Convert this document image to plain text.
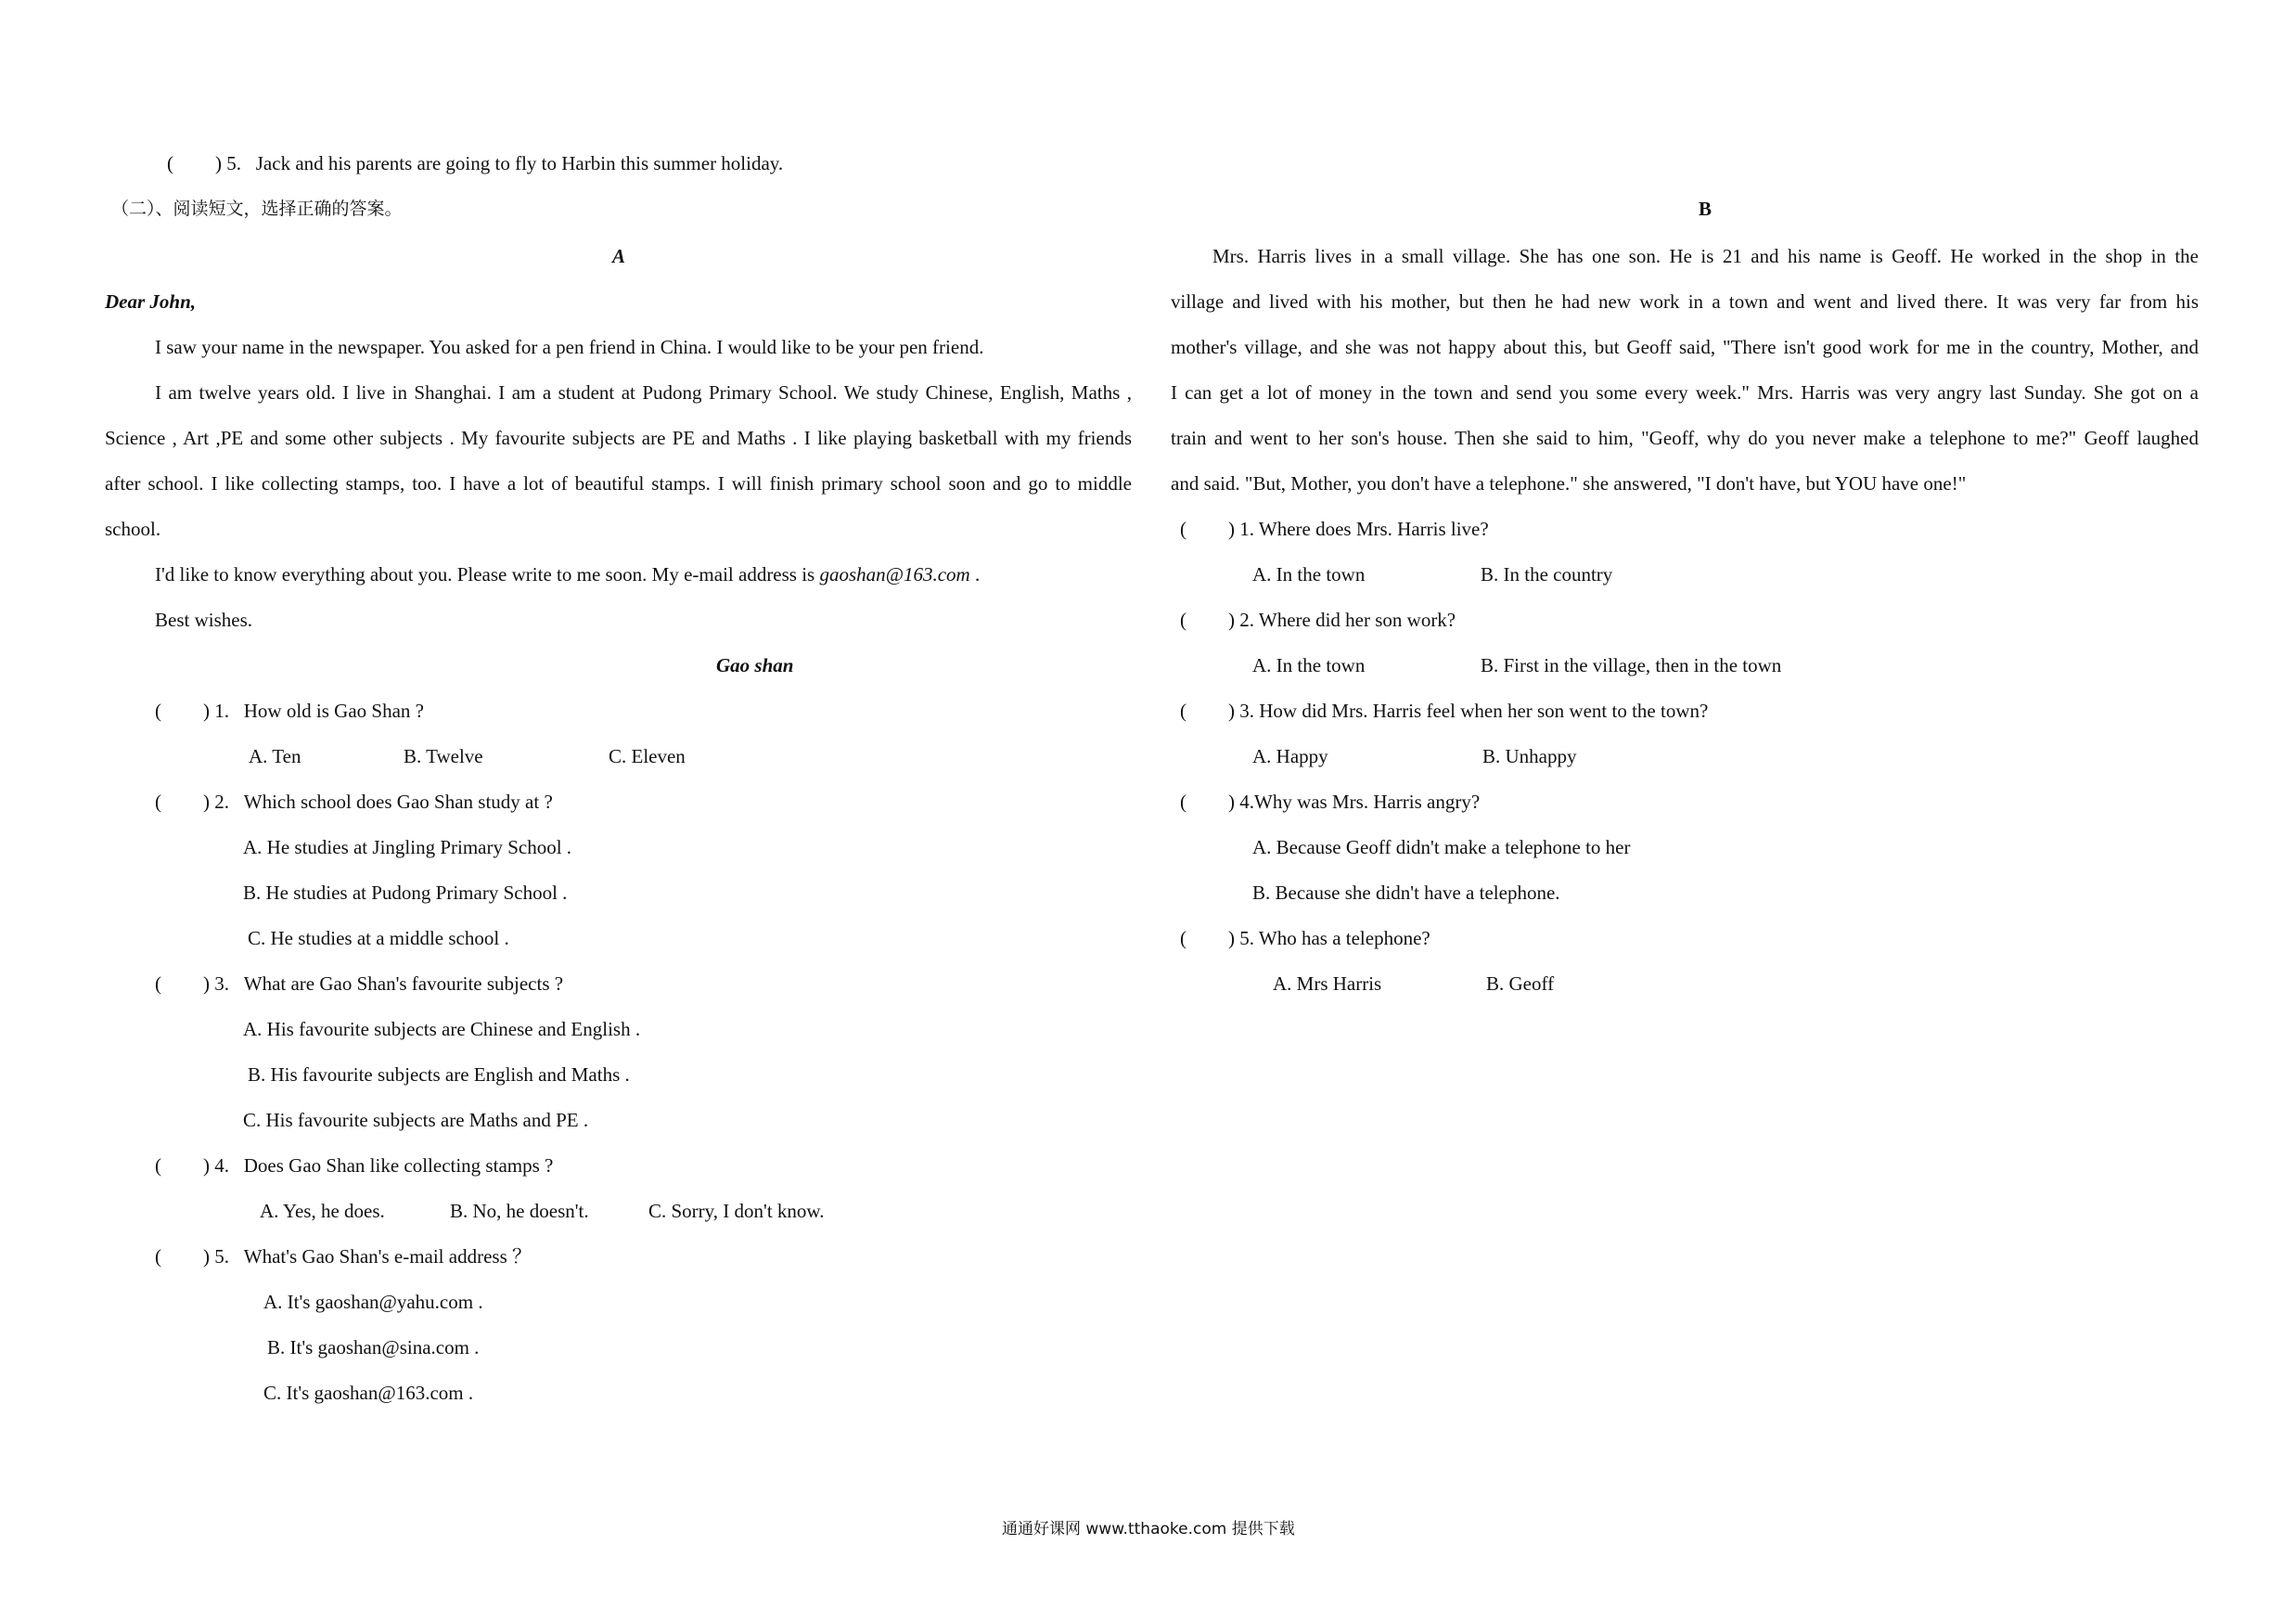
( ) 5. Jack and his parents are going to fly to Harbin this summer holiday.
（二）、阅读短文，选择正确的答案。
A
Dear John,
I saw your name in the newspaper. You asked for a pen friend in China. I would like to be your pen friend.
I am twelve years old. I live in Shanghai. I am a student at Pudong Primary School. We study Chinese, English, Maths ,
Science , Art ,PE and some other subjects . My favourite subjects are PE and Maths . I like playing basketball with my friends
after school. I like collecting stamps, too. I have a lot of beautiful stamps. I will finish primary school soon and go to middle
school.
I'd like to know everything about you. Please write to me soon. My e-mail address is gaoshan@163.com .
Best wishes.
Gao shan
( ) 1. How old is Gao Shan ?
A. Ten	B. Twelve	C. Eleven
( ) 2. Which school does Gao Shan study at ?
A. He studies at Jingling Primary School .
B. He studies at Pudong Primary School .
C. He studies at a middle school .
( ) 3. What are Gao Shan's favourite subjects ?
A. His favourite subjects are Chinese and English .
B. His favourite subjects are English and Maths .
C. His favourite subjects are Maths and PE .
( ) 4. Does Gao Shan like collecting stamps ?
A. Yes, he does.	B. No, he doesn't.	C. Sorry, I don't know.
( ) 5. What's Gao Shan's e-mail address ？
A. It's gaoshan@yahu.com .
B. It's gaoshan@sina.com .
C. It's gaoshan@163.com .
B
Mrs. Harris lives in a small village. She has one son. He is 21 and his name is Geoff. He worked in the shop in the
village and lived with his mother, but then he had new work in a town and went and lived there. It was very far from his
mother's village, and she was not happy about this, but Geoff said, "There isn't good work for me in the country, Mother, and
I can get a lot of money in the town and send you some every week." Mrs. Harris was very angry last Sunday. She got on a
train and went to her son's house. Then she said to him, "Geoff, why do you never make a telephone to me?" Geoff laughed
and said. "But, Mother, you don't have a telephone." she answered, "I don't have, but YOU have one!"
( ) 1. Where does Mrs. Harris live?
A. In the town	B. In the country
( ) 2. Where did her son work?
A. In the town	B. First in the village, then in the town
( ) 3. How did Mrs. Harris feel when her son went to the town?
A. Happy	B. Unhappy
( ) 4.Why was Mrs. Harris angry?
A. Because Geoff didn't make a telephone to her
B. Because she didn't have a telephone.
( ) 5. Who has a telephone?
A. Mrs Harris	B. Geoff
通通好课网 www.tthaoke.com 提供下载
